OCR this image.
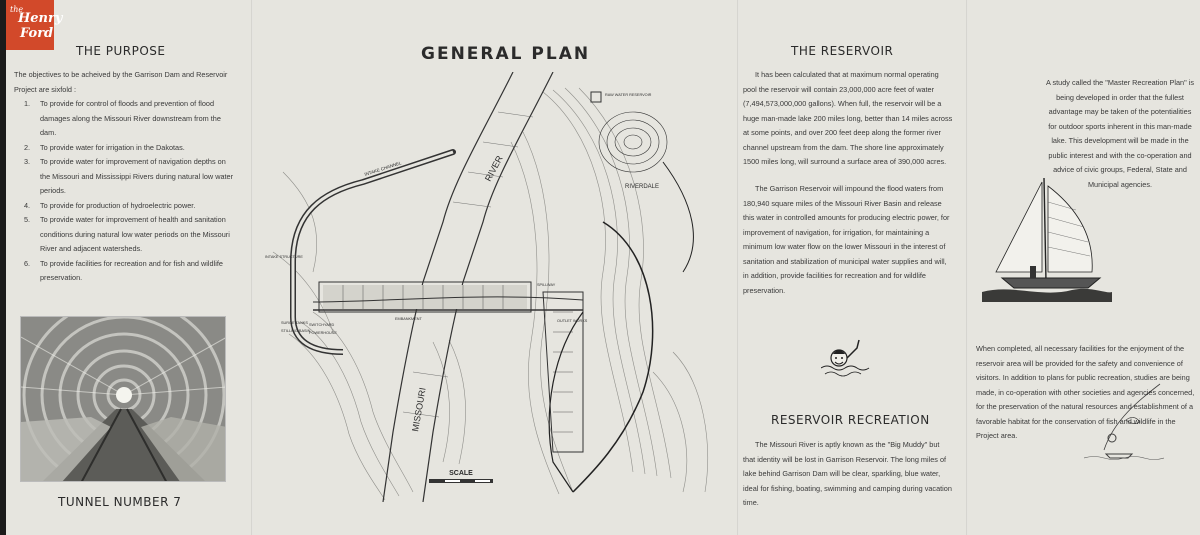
THE PURPOSE

The objectives to be acheived by the Garrison Dam and Reservoir Project are sixfold :

1. To provide for control of floods and prevention of flood damages along the Missouri River downstream from the dam.
2. To provide water for irrigation in the Dakotas.
3. To provide water for improvement of navigation depths on the Missouri and Mississippi Rivers during natural low water periods.
4. To provide for production of hydroelectric power.
5. To provide water for improvement of health and sanitation conditions during natural low water periods on the Missouri River and adjacent watersheds.
6. To provide facilities for recreation and for fish and wildlife preservation.
TUNNEL NUMBER 7
GENERAL PLAN
RIVER
MISSOURI
RIVERDALE
RAW WATER RESERVOIR
INTAKE CHANNEL
INTAKE STRUCTURE
SURGE TANKS
POWERHOUSE
SWITCHYARD
STILLING BASIN
EMBANKMENT
SPILLWAY
OUTLET WORKS
SCALE
THE RESERVOIR

It has been calculated that at maximum normal operating pool the reservoir will contain 23,000,000 acre feet of water (7,494,573,000,000 gallons). When full, the reservoir will be a huge man-made lake 200 miles long, better than 14 miles across at some points, and over 200 feet deep along the former river channel upstream from the dam. The shore line approximately 1500 miles long, will surround a surface area of 390,000 acres.

The Garrison Reservoir will impound the flood waters from 180,940 square miles of the Missouri River Basin and release this water in controlled amounts for producing electric power, for improvement of navigation, for irrigation, for maintaining a minimum low water flow on the lower Missouri in the interest of sanitation and stabilization of municipal water supplies and will, in addition, provide facilities for recreation and for wildlife preservation.

RESERVOIR RECREATION

The Missouri River is aptly known as the "Big Muddy" but that identity will be lost in Garrison Reservoir. The long miles of lake behind Garrison Dam will be clear, sparkling, blue water, ideal for fishing, boating, swimming and camping during vacation time.

A study called the "Master Recreation Plan" is being developed in order that the fullest advantage may be taken of the potentialities for outdoor sports inherent in this man-made lake. This development will be made in the public interest and with the co-operation and advice of civic groups, Federal, State and Municipal agencies.

When completed, all necessary facilities for the enjoyment of the reservoir area will be provided for the safety and convenience of visitors. In addition to plans for public recreation, studies are being made, in co-operation with other societies and agencies concerned, for the preservation of the natural resources and establishment of a favorable habitat for the conservation of fish and wildlife in the Project area.

the
Henry
Ford
